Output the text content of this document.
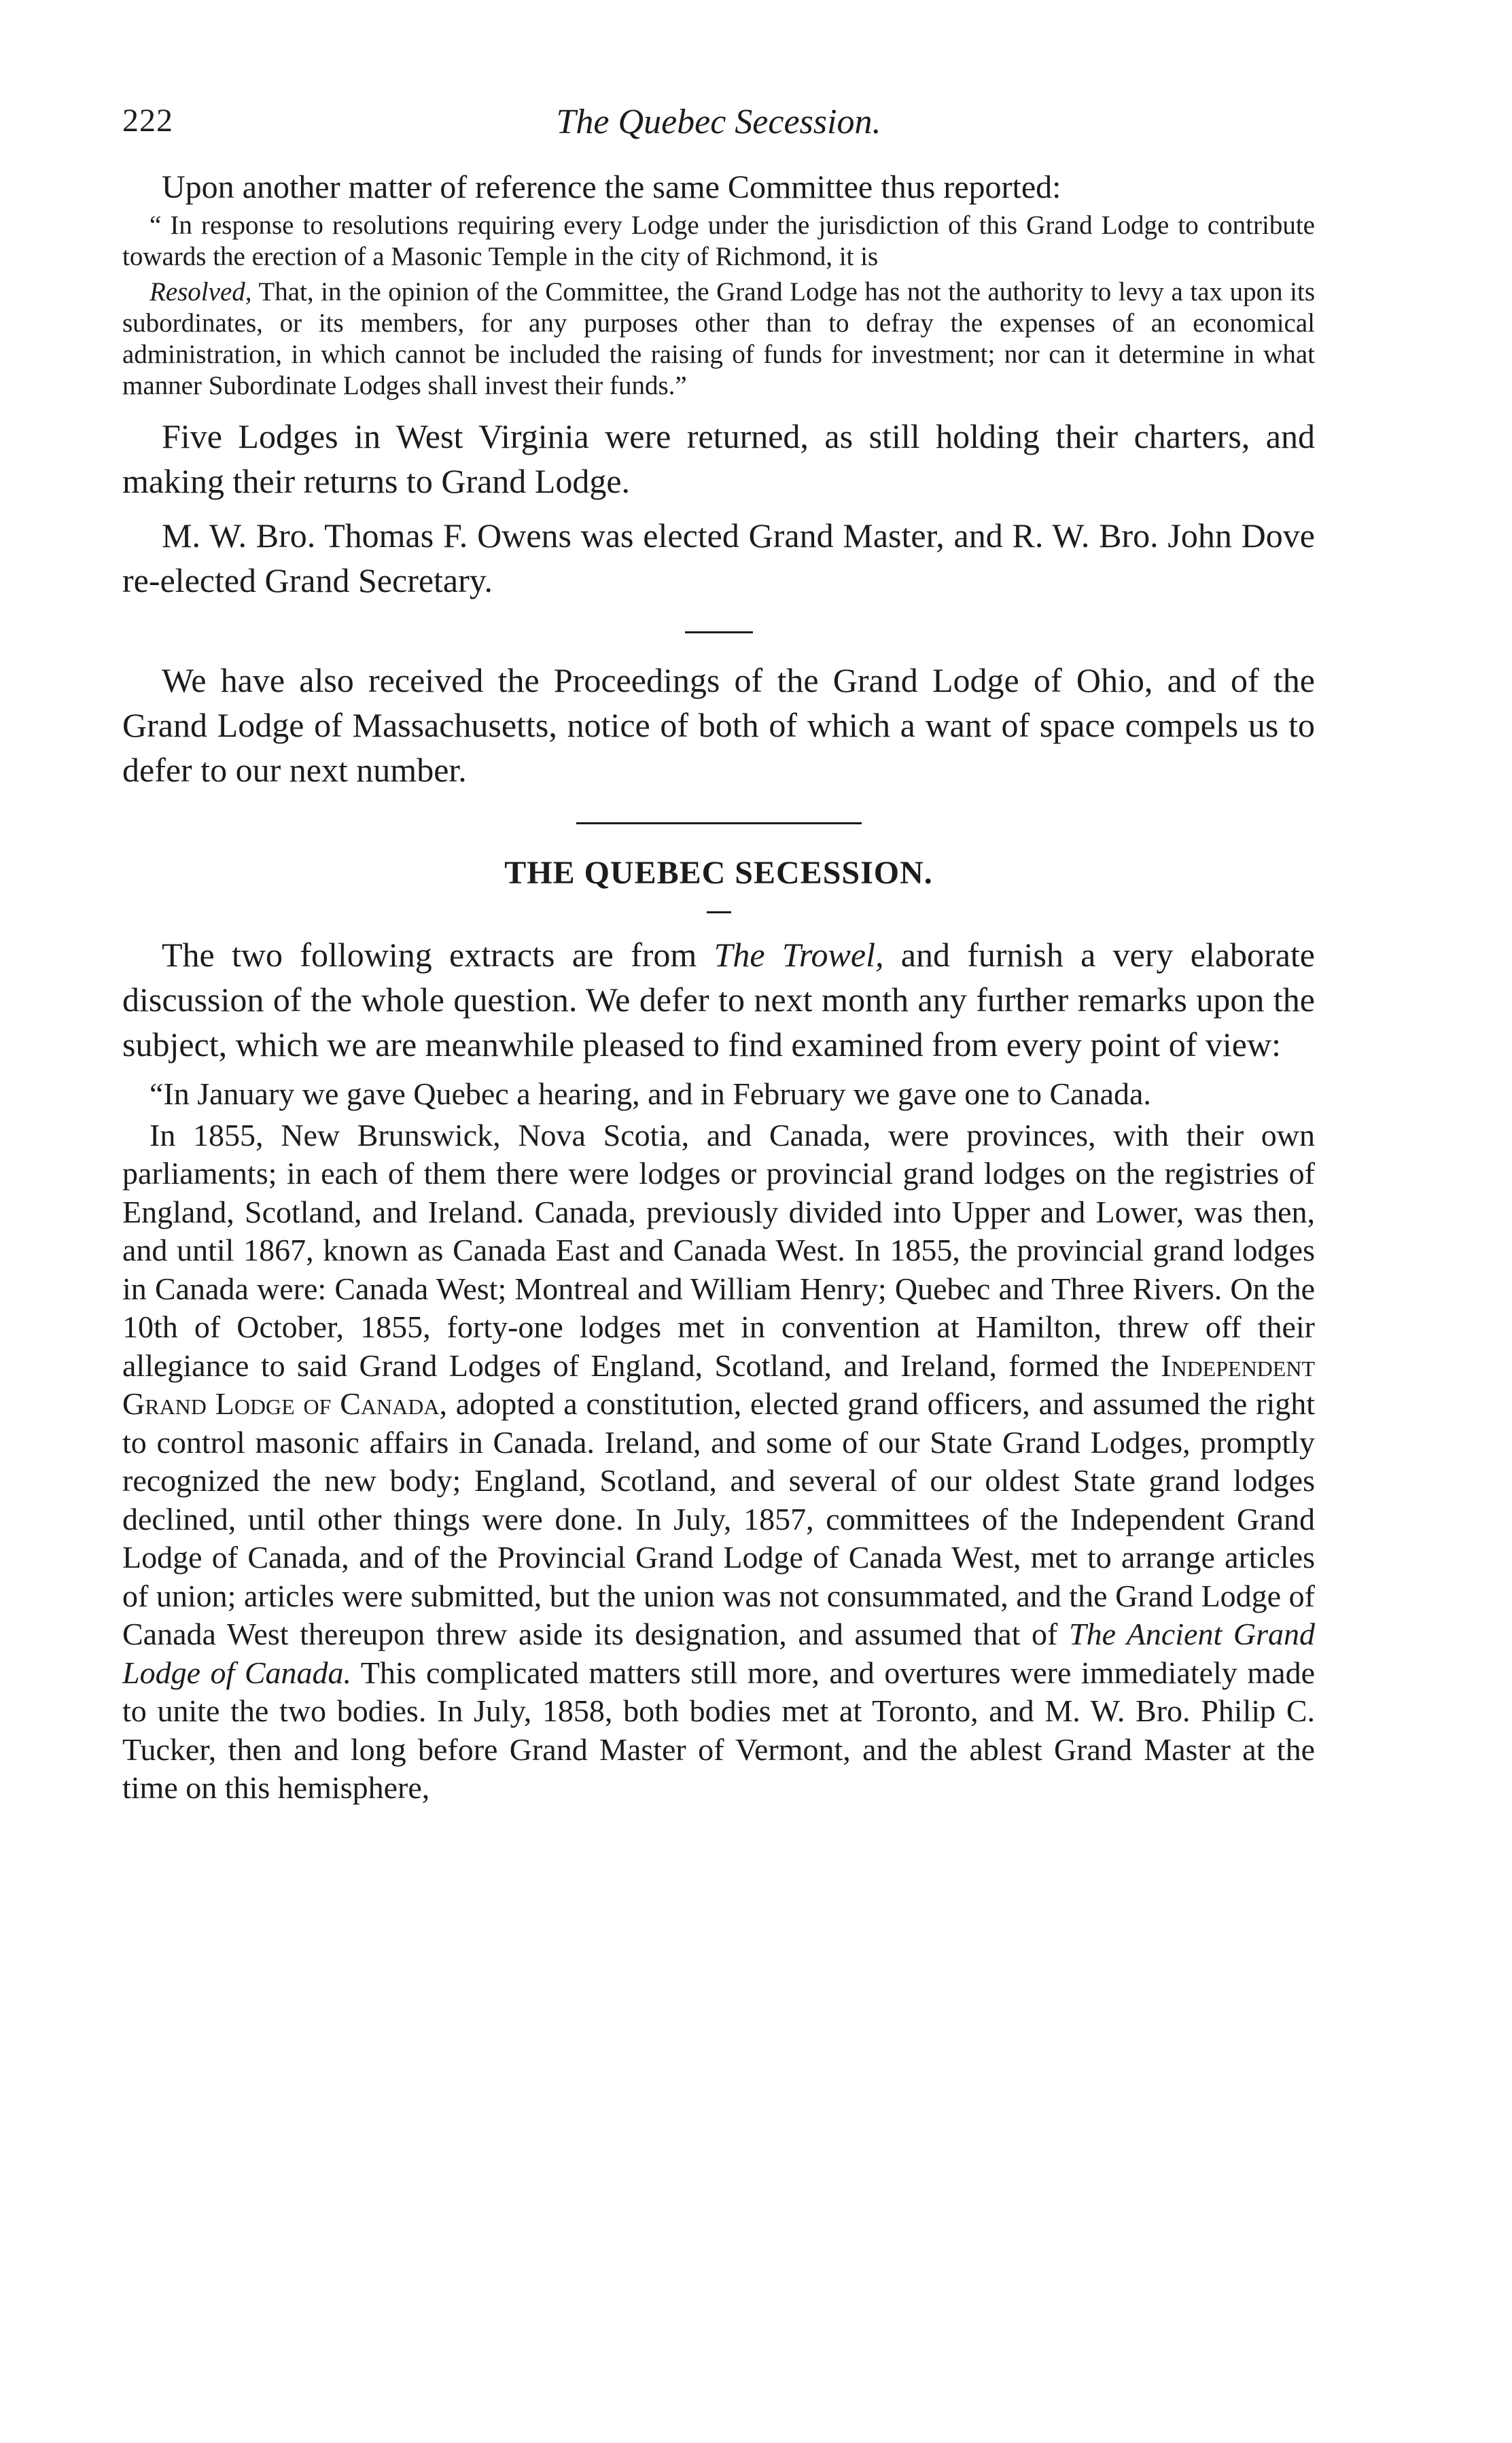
222	The Quebec Secession.

Upon another matter of reference the same Committee thus reported:

“ In response to resolutions requiring every Lodge under the jurisdiction of this Grand Lodge to contribute towards the erection of a Masonic Temple in the city of Richmond, it is

Resolved, That, in the opinion of the Committee, the Grand Lodge has not the authority to levy a tax upon its subordinates, or its members, for any purposes other than to defray the expenses of an economical administration, in which cannot be included the raising of funds for investment; nor can it determine in what manner Subordinate Lodges shall invest their funds.”

Five Lodges in West Virginia were returned, as still holding their charters, and making their returns to Grand Lodge.

M. W. Bro. Thomas F. Owens was elected Grand Master, and R. W. Bro. John Dove re-elected Grand Secretary.

We have also received the Proceedings of the Grand Lodge of Ohio, and of the Grand Lodge of Massachusetts, notice of both of which a want of space compels us to defer to our next number.

THE QUEBEC SECESSION.

The two following extracts are from The Trowel, and furnish a very elaborate discussion of the whole question. We defer to next month any further remarks upon the subject, which we are meanwhile pleased to find examined from every point of view:

“In January we gave Quebec a hearing, and in February we gave one to Canada.

In 1855, New Brunswick, Nova Scotia, and Canada, were provinces, with their own parliaments; in each of them there were lodges or provincial grand lodges on the registries of England, Scotland, and Ireland. Canada, previously divided into Upper and Lower, was then, and until 1867, known as Canada East and Canada West. In 1855, the provincial grand lodges in Canada were: Canada West; Montreal and William Henry; Quebec and Three Rivers. On the 10th of October, 1855, forty-one lodges met in convention at Hamilton, threw off their allegiance to said Grand Lodges of England, Scotland, and Ireland, formed the Independent Grand Lodge of Canada, adopted a constitution, elected grand officers, and assumed the right to control masonic affairs in Canada. Ireland, and some of our State Grand Lodges, promptly recognized the new body; England, Scotland, and several of our oldest State grand lodges declined, until other things were done. In July, 1857, committees of the Independent Grand Lodge of Canada, and of the Provincial Grand Lodge of Canada West, met to arrange articles of union; articles were submitted, but the union was not consummated, and the Grand Lodge of Canada West thereupon threw aside its designation, and assumed that of The Ancient Grand Lodge of Canada. This complicated matters still more, and overtures were immediately made to unite the two bodies. In July, 1858, both bodies met at Toronto, and M. W. Bro. Philip C. Tucker, then and long before Grand Master of Vermont, and the ablest Grand Master at the time on this hemisphere,
